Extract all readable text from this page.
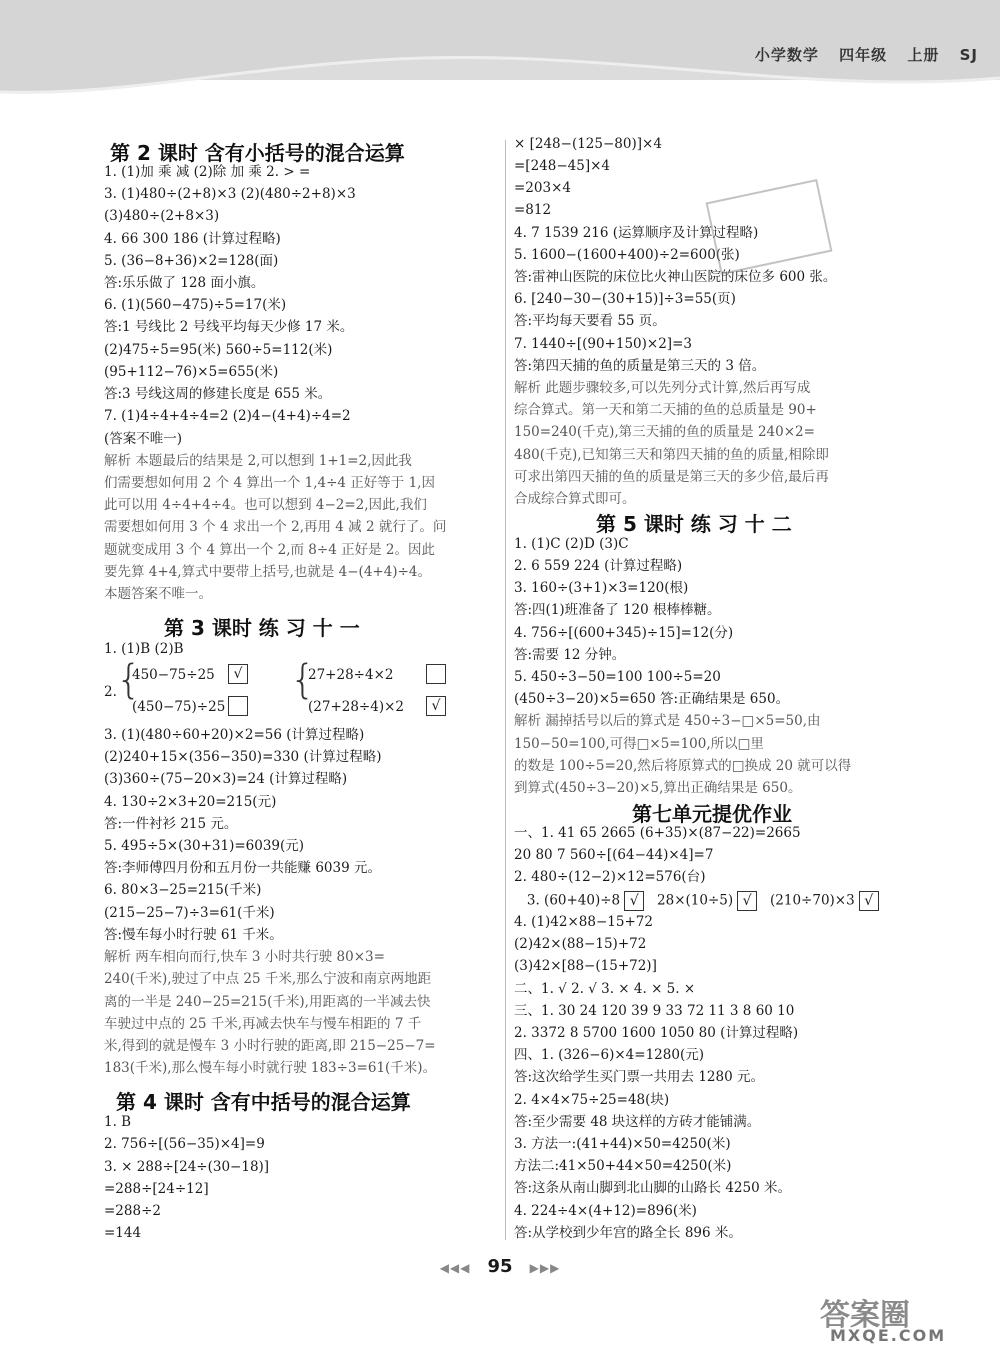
小学数学 四年级 上册 SJ
第 2 课时 含有小括号的混合运算
1. (1)加 乘 减 (2)除 加 乘 2. > =
3. (1)480÷(2+8)×3 (2)(480÷2+8)×3
(3)480÷(2+8×3)
4. 66 300 186 (计算过程略)
5. (36−8+36)×2=128(面)
答:乐乐做了 128 面小旗。
6. (1)(560−475)÷5=17(米)
答:1 号线比 2 号线平均每天少修 17 米。
(2)475÷5=95(米) 560÷5=112(米)
(95+112−76)×5=655(米)
答:3 号线这周的修建长度是 655 米。
7. (1)4÷4+4÷4=2 (2)4−(4+4)÷4=2
(答案不唯一)
解析 本题最后的结果是 2,可以想到 1+1=2,因此我
们需要想如何用 2 个 4 算出一个 1,4÷4 正好等于 1,因
此可以用 4÷4+4÷4。也可以想到 4−2=2,因此,我们
需要想如何用 3 个 4 求出一个 2,再用 4 减 2 就行了。问
题就变成用 3 个 4 算出一个 2,而 8÷4 正好是 2。因此
要先算 4+4,算式中要带上括号,也就是 4−(4+4)÷4。
本题答案不唯一。
第 3 课时 练 习 十 一
1. (1)B (2)B
2. {
450−75÷25	√
(450−75)÷25
{
27+28÷4×2
(27+28÷4)×2	√
3. (1)(480÷60+20)×2=56 (计算过程略)
(2)240+15×(356−350)=330 (计算过程略)
(3)360÷(75−20×3)=24 (计算过程略)
4. 130÷2×3+20=215(元)
答:一件衬衫 215 元。
5. 495÷5×(30+31)=6039(元)
答:李师傅四月份和五月份一共能赚 6039 元。
6. 80×3−25=215(千米)
(215−25−7)÷3=61(千米)
答:慢车每小时行驶 61 千米。
解析 两车相向而行,快车 3 小时共行驶 80×3=
240(千米),驶过了中点 25 千米,那么宁波和南京两地距
离的一半是 240−25=215(千米),用距离的一半减去快
车驶过中点的 25 千米,再减去快车与慢车相距的 7 千
米,得到的就是慢车 3 小时行驶的距离,即 215−25−7=
183(千米),那么慢车每小时就行驶 183÷3=61(千米)。
第 4 课时 含有中括号的混合运算
1. B
2. 756÷[(56−35)×4]=9
3. × 288÷[24÷(30−18)]
=288÷[24÷12]
=288÷2
=144
× [248−(125−80)]×4
=[248−45]×4
=203×4
=812
4. 7 1539 216 (运算顺序及计算过程略)
5. 1600−(1600+400)÷2=600(张)
答:雷神山医院的床位比火神山医院的床位多 600 张。
6. [240−30−(30+15)]÷3=55(页)
答:平均每天要看 55 页。
7. 1440÷[(90+150)×2]=3
答:第四天捕的鱼的质量是第三天的 3 倍。
解析 此题步骤较多,可以先列分式计算,然后再写成
综合算式。第一天和第二天捕的鱼的总质量是 90+
150=240(千克),第三天捕的鱼的质量是 240×2=
480(千克),已知第三天和第四天捕的鱼的质量,相除即
可求出第四天捕的鱼的质量是第三天的多少倍,最后再
合成综合算式即可。
第 5 课时 练 习 十 二
1. (1)C (2)D (3)C
2. 6 559 224 (计算过程略)
3. 160÷(3+1)×3=120(根)
答:四(1)班准备了 120 根棒棒糖。
4. 756÷[(600+345)÷15]=12(分)
答:需要 12 分钟。
5. 450÷3−50=100 100÷5=20
(450÷3−20)×5=650 答:正确结果是 650。
解析 漏掉括号以后的算式是 450÷3−□×5=50,由
150−50=100,可得□×5=100,所以□里
的数是 100÷5=20,然后将原算式的□换成 20 就可以得
到算式(450÷3−20)×5,算出正确结果是 650。
第七单元提优作业
一、1. 41 65 2665 (6+35)×(87−22)=2665
20 80 7 560÷[(64−44)×4]=7
2. 480÷(12−2)×12=576(台)
3. (60+40)÷8 √ 28×(10÷5) √ (210÷70)×3 √
4. (1)42×88−15+72
(2)42×(88−15)+72
(3)42×[88−(15+72)]
二、1. √ 2. √ 3. × 4. × 5. ×
三、1. 30 24 120 39 9 33 72 11 3 8 60 10
2. 3372 8 5700 1600 1050 80 (计算过程略)
四、1. (326−6)×4=1280(元)
答:这次给学生买门票一共用去 1280 元。
2. 4×4×75÷25=48(块)
答:至少需要 48 块这样的方砖才能铺满。
3. 方法一:(41+44)×50=4250(米)
方法二:41×50+44×50=4250(米)
答:这条从南山脚到北山脚的山路长 4250 米。
4. 224÷4×(4+12)=896(米)
答:从学校到少年宫的路全长 896 米。
◀◀◀ 95 ▶▶▶
答案圈
MXQE.COM
